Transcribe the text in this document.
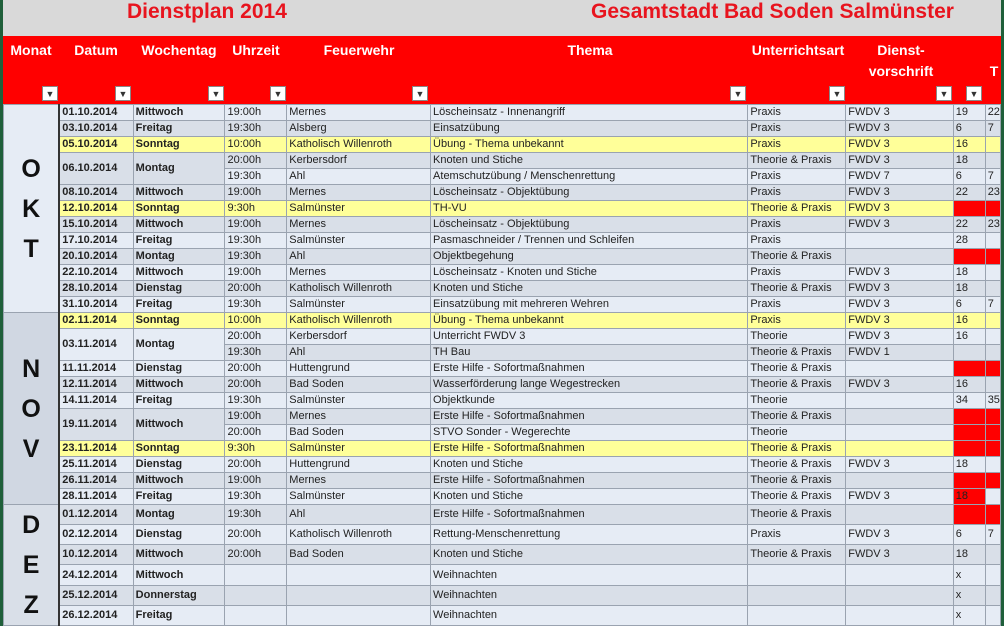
Dienstplan 2014	Gesamtstadt Bad Soden Salmünster
Monat	Datum	Wochentag	Uhrzeit	Feuerwehr	Thema	Unterrichtsart	Dienst-
vorschrift	T
▼	▼	▼	▼	▼	▼	▼	▼	▼
O
K
T	01.10.2014	Mittwoch	19:00h	Mernes	Löscheinsatz - Innenangriff	Praxis	FWDV 3	19	22
	03.10.2014	Freitag	19:30h	Alsberg	Einsatzübung	Praxis	FWDV 3	6	7
	05.10.2014	Sonntag	10:00h	Katholisch Willenroth	Übung - Thema unbekannt	Praxis	FWDV 3	16	
	06.10.2014	Montag	20:00h	Kerbersdorf	Knoten und Stiche	Theorie & Praxis	FWDV 3	18	
			19:30h	Ahl	Atemschutzübung / Menschenrettung	Praxis	FWDV 7	6	7
	08.10.2014	Mittwoch	19:00h	Mernes	Löscheinsatz - Objektübung	Praxis	FWDV 3	22	23
	12.10.2014	Sonntag	9:30h	Salmünster	TH-VU	Theorie & Praxis	FWDV 3		
	15.10.2014	Mittwoch	19:00h	Mernes	Löscheinsatz - Objektübung	Praxis	FWDV 3	22	23
	17.10.2014	Freitag	19:30h	Salmünster	Pasmaschneider / Trennen und Schleifen	Praxis		28	
	20.10.2014	Montag	19:30h	Ahl	Objektbegehung	Theorie & Praxis			
	22.10.2014	Mittwoch	19:00h	Mernes	Löscheinsatz - Knoten und Stiche	Praxis	FWDV 3	18	
	28.10.2014	Dienstag	20:00h	Katholisch Willenroth	Knoten und Stiche	Theorie & Praxis	FWDV 3	18	
	31.10.2014	Freitag	19:30h	Salmünster	Einsatzübung mit mehreren Wehren	Praxis	FWDV 3	6	7

N
O
V	02.11.2014	Sonntag	10:00h	Katholisch Willenroth	Übung - Thema unbekannt	Praxis	FWDV 3	16	
	03.11.2014	Montag	20:00h	Kerbersdorf	Unterricht FWDV 3	Theorie	FWDV 3	16	
			19:30h	Ahl	TH Bau	Theorie & Praxis	FWDV 1		
	11.11.2014	Dienstag	20:00h	Huttengrund	Erste Hilfe - Sofortmaßnahmen	Theorie & Praxis			
	12.11.2014	Mittwoch	20:00h	Bad Soden	Wasserförderung lange Wegestrecken	Theorie & Praxis	FWDV 3	16	
	14.11.2014	Freitag	19:30h	Salmünster	Objektkunde	Theorie		34	35
	19.11.2014	Mittwoch	19:00h	Mernes	Erste Hilfe - Sofortmaßnahmen	Theorie & Praxis			
			20:00h	Bad Soden	STVO Sonder - Wegerechte	Theorie			
	23.11.2014	Sonntag	9:30h	Salmünster	Erste Hilfe - Sofortmaßnahmen	Theorie & Praxis			
	25.11.2014	Dienstag	20:00h	Huttengrund	Knoten und Stiche	Theorie & Praxis	FWDV 3	18	
	26.11.2014	Mittwoch	19:00h	Mernes	Erste Hilfe - Sofortmaßnahmen	Theorie & Praxis			
	28.11.2014	Freitag	19:30h	Salmünster	Knoten und Stiche	Theorie & Praxis	FWDV 3	18	

D
E
Z	01.12.2014	Montag	19:30h	Ahl	Erste Hilfe - Sofortmaßnahmen	Theorie & Praxis			
	02.12.2014	Dienstag	20:00h	Katholisch Willenroth	Rettung-Menschenrettung	Praxis	FWDV 3	6	7
	10.12.2014	Mittwoch	20:00h	Bad Soden	Knoten und Stiche	Theorie & Praxis	FWDV 3	18	
	24.12.2014	Mittwoch			Weihnachten			x	
	25.12.2014	Donnerstag			Weihnachten			x	
	26.12.2014	Freitag			Weihnachten			x	
